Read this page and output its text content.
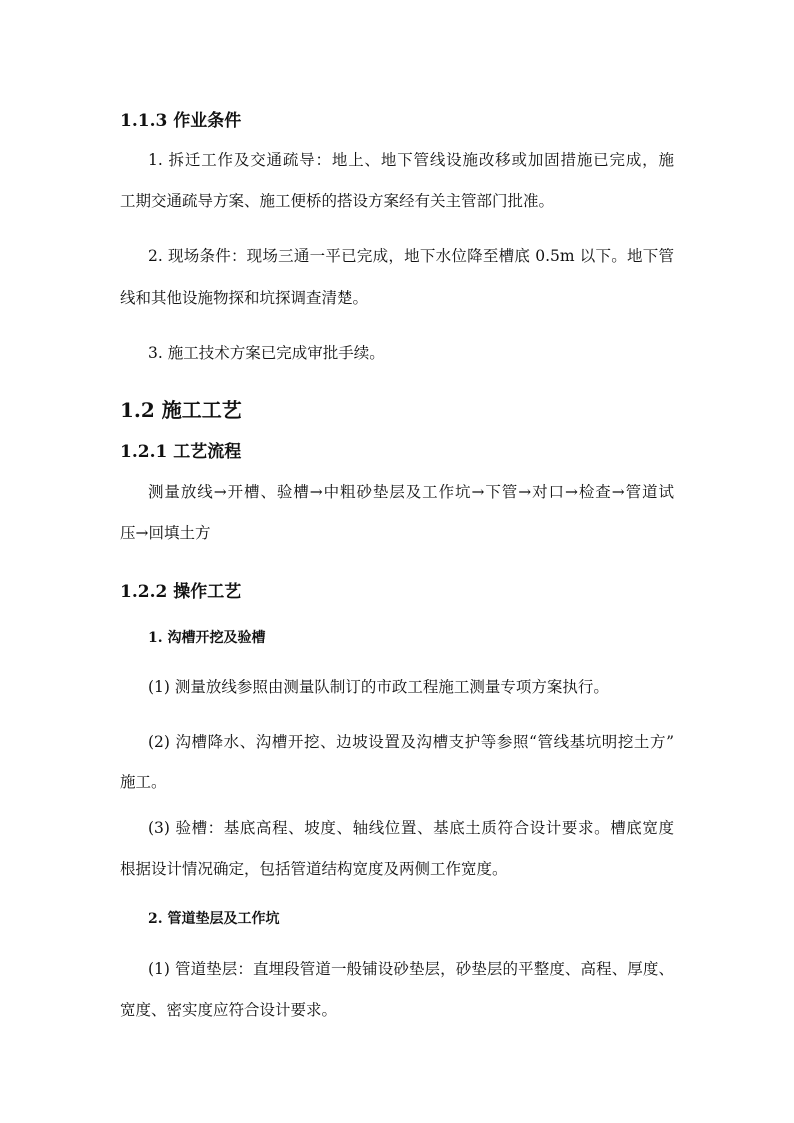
1.1.3 作业条件
1. 拆迁工作及交通疏导：地上、地下管线设施改移或加固措施已完成，施
工期交通疏导方案、施工便桥的搭设方案经有关主管部门批准。
2. 现场条件：现场三通一平已完成，地下水位降至槽底 0.5m 以下。地下管
线和其他设施物探和坑探调查清楚。
3. 施工技术方案已完成审批手续。
1.2 施工工艺
1.2.1 工艺流程
测量放线→开槽、验槽→中粗砂垫层及工作坑→下管→对口→检查→管道试
压→回填土方
1.2.2 操作工艺
1. 沟槽开挖及验槽
(1) 测量放线参照由测量队制订的市政工程施工测量专项方案执行。
(2) 沟槽降水、沟槽开挖、边坡设置及沟槽支护等参照“管线基坑明挖土方”
施工。
(3) 验槽：基底高程、坡度、轴线位置、基底土质符合设计要求。槽底宽度
根据设计情况确定，包括管道结构宽度及两侧工作宽度。
2. 管道垫层及工作坑
(1) 管道垫层：直埋段管道一般铺设砂垫层，砂垫层的平整度、高程、厚度、
宽度、密实度应符合设计要求。
